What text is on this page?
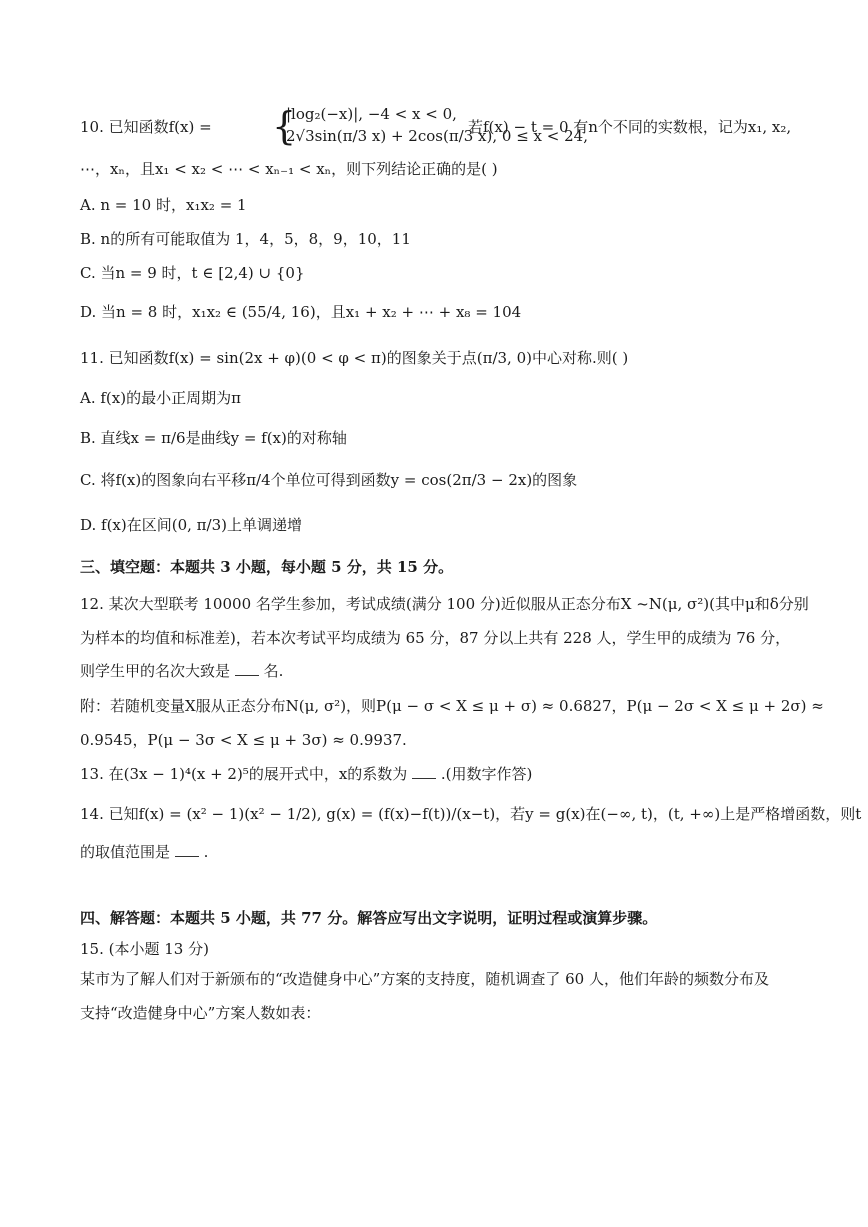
10. 已知函数f(x) = {
|log₂(−x)|, −4 < x < 0,
2√3sin(π/3 x) + 2cos(π/3 x), 0 ≤ x < 24,
若f(x) − t = 0 有n个不同的实数根，记为x₁, x₂,
⋯，xₙ，且x₁ < x₂ < ⋯ < xₙ₋₁ < xₙ，则下列结论正确的是( )
A. n = 10 时，x₁x₂ = 1
B. n的所有可能取值为 1，4，5，8，9，10，11
C. 当n = 9 时，t ∈ [2,4) ∪ {0}
D. 当n = 8 时，x₁x₂ ∈ (55/4, 16)，且x₁ + x₂ + ⋯ + x₈ = 104
11. 已知函数f(x) = sin(2x + φ)(0 < φ < π)的图象关于点(π/3, 0)中心对称.则( )
A. f(x)的最小正周期为π
B. 直线x = π/6是曲线y = f(x)的对称轴
C. 将f(x)的图象向右平移π/4个单位可得到函数y = cos(2π/3 − 2x)的图象
D. f(x)在区间(0, π/3)上单调递增
三、填空题：本题共 3 小题，每小题 5 分，共 15 分。
12. 某次大型联考 10000 名学生参加，考试成绩(满分 100 分)近似服从正态分布X ~N(μ, σ²)(其中μ和δ分别
为样本的均值和标准差)，若本次考试平均成绩为 65 分，87 分以上共有 228 人，学生甲的成绩为 76 分，
则学生甲的名次大致是 名.
附：若随机变量X服从正态分布N(μ, σ²)，则P(μ − σ < X ≤ μ + σ) ≈ 0.6827，P(μ − 2σ < X ≤ μ + 2σ) ≈
0.9545，P(μ − 3σ < X ≤ μ + 3σ) ≈ 0.9937.
13. 在(3x − 1)⁴(x + 2)⁵的展开式中，x的系数为 .(用数字作答)
14. 已知f(x) = (x² − 1)(x² − 1/2), g(x) = (f(x)−f(t))/(x−t)，若y = g(x)在(−∞, t)，(t, +∞)上是严格增函数，则t
的取值范围是 .
四、解答题：本题共 5 小题，共 77 分。解答应写出文字说明，证明过程或演算步骤。
15. (本小题 13 分)
某市为了解人们对于新颁布的“改造健身中心”方案的支持度，随机调查了 60 人，他们年龄的频数分布及
支持“改造健身中心”方案人数如表：
